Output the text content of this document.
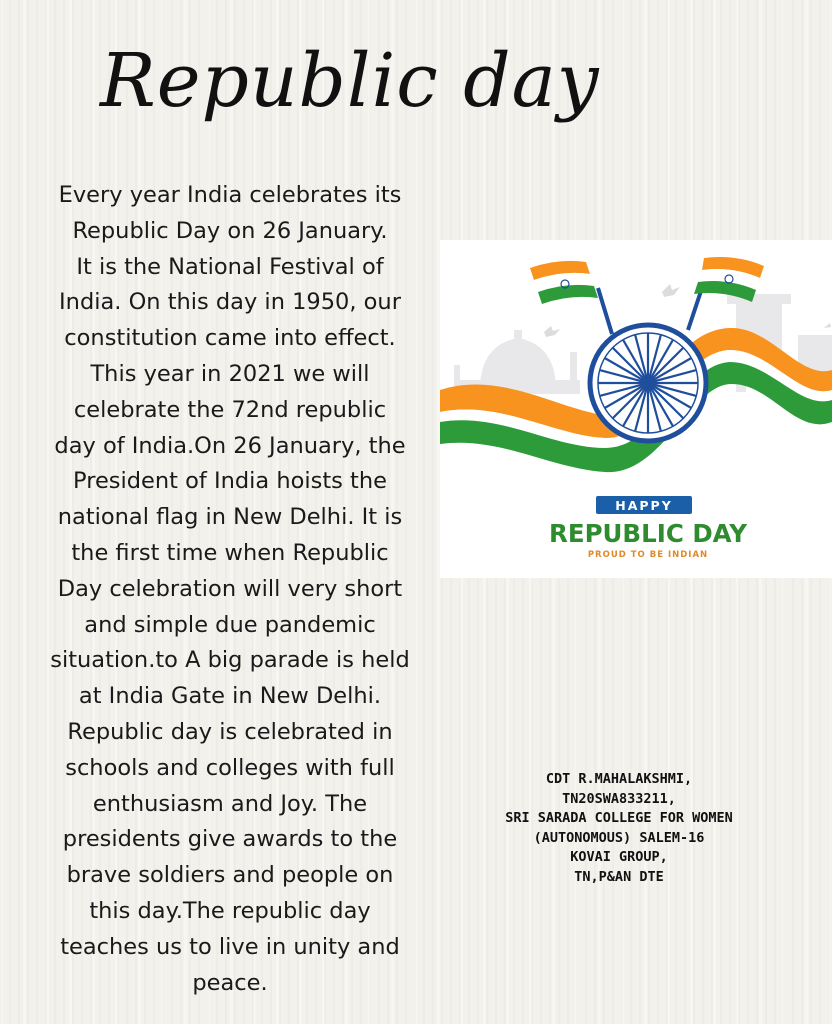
Republic day
Every year India celebrates its
Republic Day on 26 January.
It is the National Festival of
India. On this day in 1950, our
constitution came into effect.
This year in 2021 we will
celebrate the 72nd republic
day of India.On 26 January, the
President of India hoists the
national flag in New Delhi. It is
the first time when Republic
Day celebration will very short
and simple due pandemic
situation.to A big parade is held
at India Gate in New Delhi.
Republic day is celebrated in
schools and colleges with full
enthusiasm and Joy. The
presidents give awards to the
brave soldiers and people on
this day.The republic day
teaches us to live in unity and
peace.
HAPPY
REPUBLIC DAY
PROUD TO BE INDIAN
CDT R.MAHALAKSHMI,
TN20SWA833211,
SRI SARADA COLLEGE FOR WOMEN
(AUTONOMOUS) SALEM-16
KOVAI GROUP,
TN,P&AN DTE
